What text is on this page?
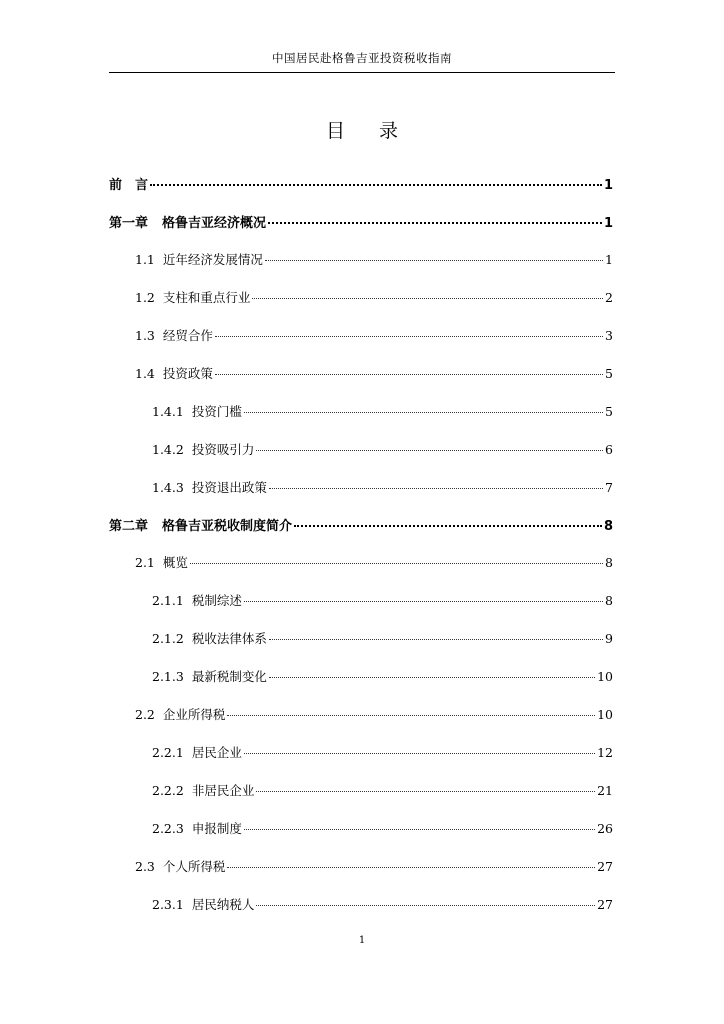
中国居民赴格鲁吉亚投资税收指南
目 录
前　言	1
第一章 格鲁吉亚经济概况	1
1.1 近年经济发展情况	1
1.2 支柱和重点行业	2
1.3 经贸合作	3
1.4 投资政策	5
1.4.1 投资门槛	5
1.4.2 投资吸引力	6
1.4.3 投资退出政策	7
第二章 格鲁吉亚税收制度简介	8
2.1 概览	8
2.1.1 税制综述	8
2.1.2 税收法律体系	9
2.1.3 最新税制变化	10
2.2 企业所得税	10
2.2.1 居民企业	12
2.2.2 非居民企业	21
2.2.3 申报制度	26
2.3 个人所得税	27
2.3.1 居民纳税人	27
1
